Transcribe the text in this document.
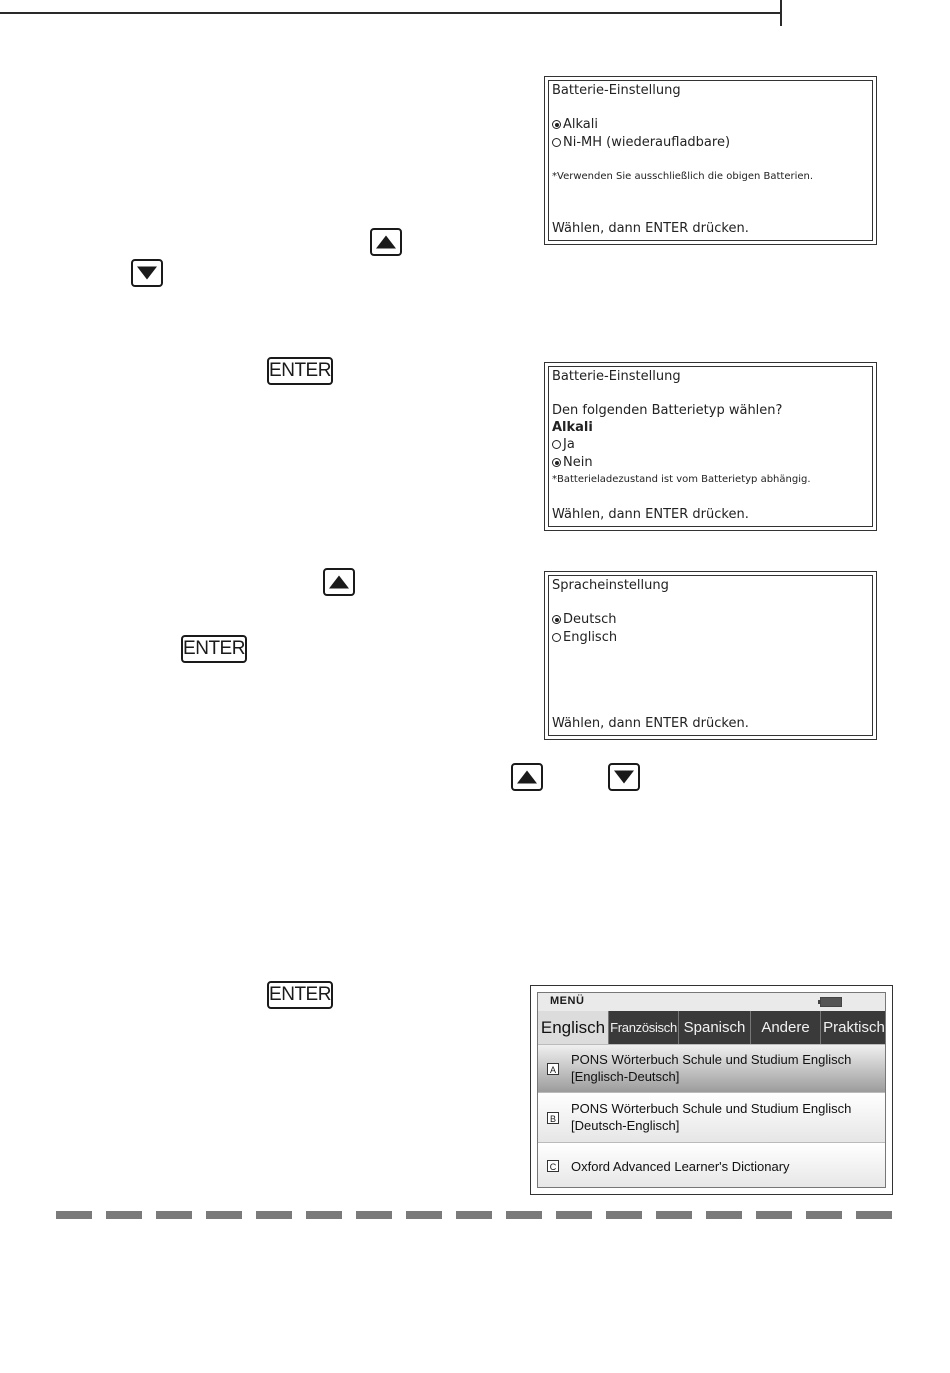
ENTER
ENTER
ENTER
Batterie-Einstellung
Alkali
Ni-MH (wiederaufladbare)
*Verwenden Sie ausschließlich die obigen Batterien.
Wählen, dann ENTER drücken.
Batterie-Einstellung
Den folgenden Batterietyp wählen?
Alkali
Ja
Nein
*Batterieladezustand ist vom Batterietyp abhängig.
Wählen, dann ENTER drücken.
Spracheinstellung
Deutsch
Englisch
Wählen, dann ENTER drücken.
MENÜ
Englisch Französisch Spanisch	Andere Praktisch
A
PONS Wörterbuch Schule und Studium Englisch
[Englisch-Deutsch]
B
PONS Wörterbuch Schule und Studium Englisch
[Deutsch-Englisch]
C Oxford Advanced Learner's Dictionary
